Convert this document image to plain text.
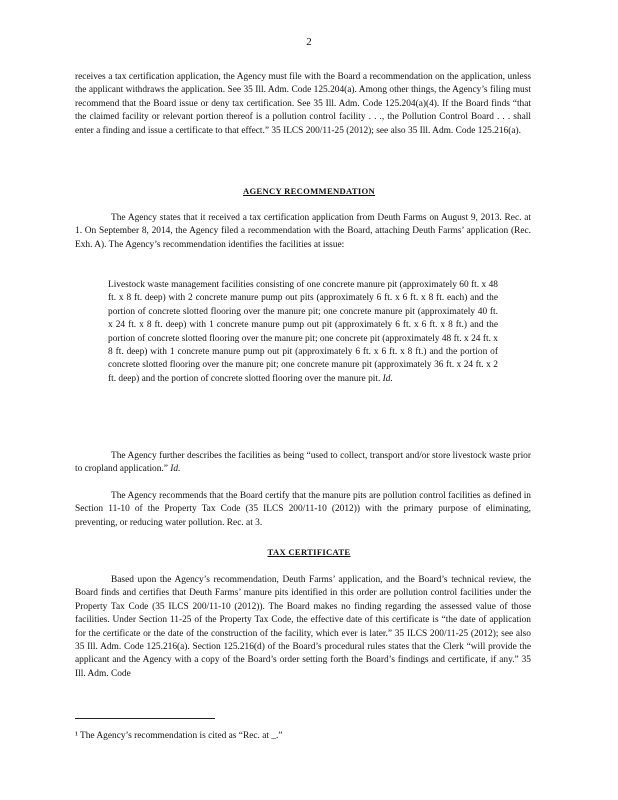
2
receives a tax certification application, the Agency must file with the Board a recommendation on the application, unless the applicant withdraws the application. See 35 Ill. Adm. Code 125.204(a). Among other things, the Agency’s filing must recommend that the Board issue or deny tax certification. See 35 Ill. Adm. Code 125.204(a)(4). If the Board finds “that the claimed facility or relevant portion thereof is a pollution control facility . . ., the Pollution Control Board . . . shall enter a finding and issue a certificate to that effect.” 35 ILCS 200/11-25 (2012); see also 35 Ill. Adm. Code 125.216(a).
AGENCY RECOMMENDATION
The Agency states that it received a tax certification application from Deuth Farms on August 9, 2013. Rec. at 1. On September 8, 2014, the Agency filed a recommendation with the Board, attaching Deuth Farms’ application (Rec. Exh. A). The Agency’s recommendation identifies the facilities at issue:
Livestock waste management facilities consisting of one concrete manure pit (approximately 60 ft. x 48 ft. x 8 ft. deep) with 2 concrete manure pump out pits (approximately 6 ft. x 6 ft. x 8 ft. each) and the portion of concrete slotted flooring over the manure pit; one concrete manure pit (approximately 40 ft. x 24 ft. x 8 ft. deep) with 1 concrete manure pump out pit (approximately 6 ft. x 6 ft. x 8 ft.) and the portion of concrete slotted flooring over the manure pit; one concrete pit (approximately 48 ft. x 24 ft. x 8 ft. deep) with 1 concrete manure pump out pit (approximately 6 ft. x 6 ft. x 8 ft.) and the portion of concrete slotted flooring over the manure pit; one concrete manure pit (approximately 36 ft. x 24 ft. x 2 ft. deep) and the portion of concrete slotted flooring over the manure pit. Id.
The Agency further describes the facilities as being “used to collect, transport and/or store livestock waste prior to cropland application.” Id.
The Agency recommends that the Board certify that the manure pits are pollution control facilities as defined in Section 11-10 of the Property Tax Code (35 ILCS 200/11-10 (2012)) with the primary purpose of eliminating, preventing, or reducing water pollution. Rec. at 3.
TAX CERTIFICATE
Based upon the Agency’s recommendation, Deuth Farms’ application, and the Board’s technical review, the Board finds and certifies that Deuth Farms’ manure pits identified in this order are pollution control facilities under the Property Tax Code (35 ILCS 200/11-10 (2012)). The Board makes no finding regarding the assessed value of those facilities. Under Section 11-25 of the Property Tax Code, the effective date of this certificate is “the date of application for the certificate or the date of the construction of the facility, which ever is later.” 35 ILCS 200/11-25 (2012); see also 35 Ill. Adm. Code 125.216(a). Section 125.216(d) of the Board’s procedural rules states that the Clerk “will provide the applicant and the Agency with a copy of the Board’s order setting forth the Board’s findings and certificate, if any.” 35 Ill. Adm. Code
¹ The Agency’s recommendation is cited as “Rec. at _.”
